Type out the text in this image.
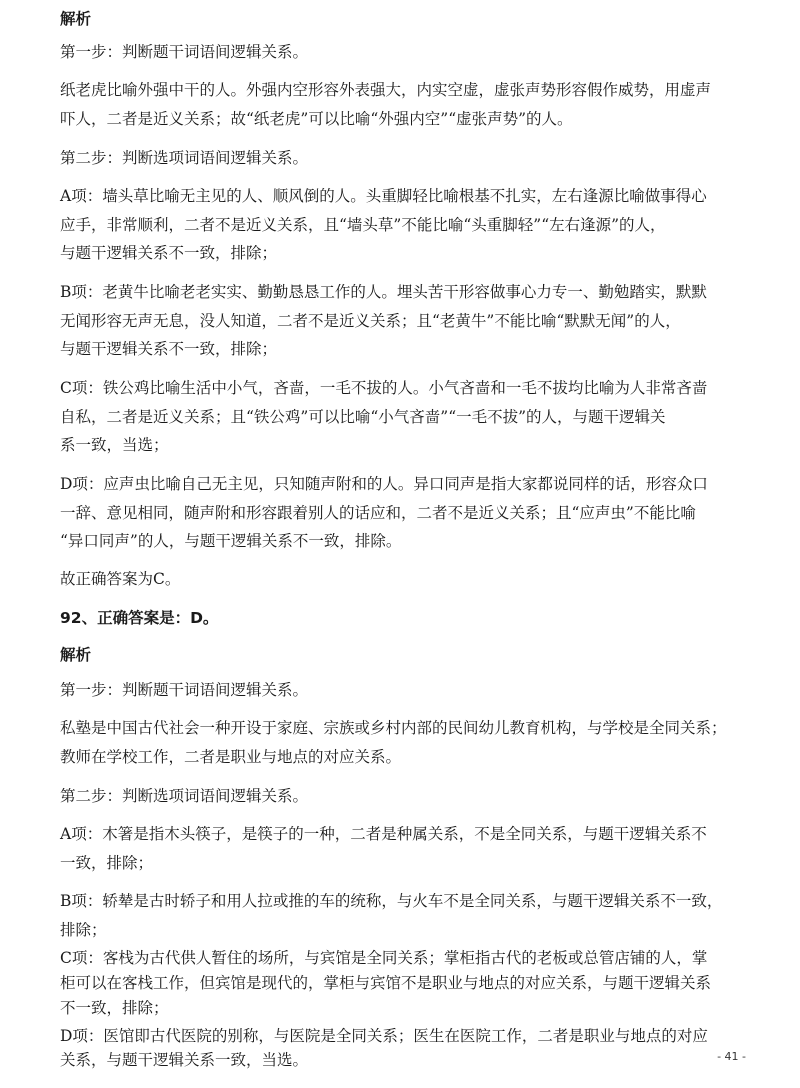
解析
第一步：判断题干词语间逻辑关系。
纸老虎比喻外强中干的人。外强内空形容外表强大，内实空虚，虚张声势形容假作威势，用虚声
吓人，二者是近义关系；故“纸老虎”可以比喻“外强内空”“虚张声势”的人。
第二步：判断选项词语间逻辑关系。
A项：墙头草比喻无主见的人、顺风倒的人。头重脚轻比喻根基不扎实，左右逢源比喻做事得心
应手，非常顺利，二者不是近义关系，且“墙头草”不能比喻“头重脚轻”“左右逢源”的人，
与题干逻辑关系不一致，排除；
B项：老黄牛比喻老老实实、勤勤恳恳工作的人。埋头苦干形容做事心力专一、勤勉踏实，默默
无闻形容无声无息，没人知道，二者不是近义关系；且“老黄牛”不能比喻“默默无闻”的人，
与题干逻辑关系不一致，排除；
C项：铁公鸡比喻生活中小气，吝啬，一毛不拔的人。小气吝啬和一毛不拔均比喻为人非常吝啬
自私，二者是近义关系；且“铁公鸡”可以比喻“小气吝啬”“一毛不拔”的人，与题干逻辑关
系一致，当选；
D项：应声虫比喻自己无主见，只知随声附和的人。异口同声是指大家都说同样的话，形容众口
一辞、意见相同，随声附和形容跟着别人的话应和，二者不是近义关系；且“应声虫”不能比喻
“异口同声”的人，与题干逻辑关系不一致，排除。
故正确答案为C。
92、正确答案是：D。
解析
第一步：判断题干词语间逻辑关系。
私塾是中国古代社会一种开设于家庭、宗族或乡村内部的民间幼儿教育机构，与学校是全同关系；
教师在学校工作，二者是职业与地点的对应关系。
第二步：判断选项词语间逻辑关系。
A项：木箸是指木头筷子，是筷子的一种，二者是种属关系，不是全同关系，与题干逻辑关系不
一致，排除；
B项：轿辇是古时轿子和用人拉或推的车的统称，与火车不是全同关系，与题干逻辑关系不一致，
排除；
C项：客栈为古代供人暂住的场所，与宾馆是全同关系；掌柜指古代的老板或总管店铺的人，掌
柜可以在客栈工作，但宾馆是现代的，掌柜与宾馆不是职业与地点的对应关系，与题干逻辑关系
不一致，排除；
D项：医馆即古代医院的别称，与医院是全同关系；医生在医院工作，二者是职业与地点的对应
关系，与题干逻辑关系一致，当选。	- 41 -
